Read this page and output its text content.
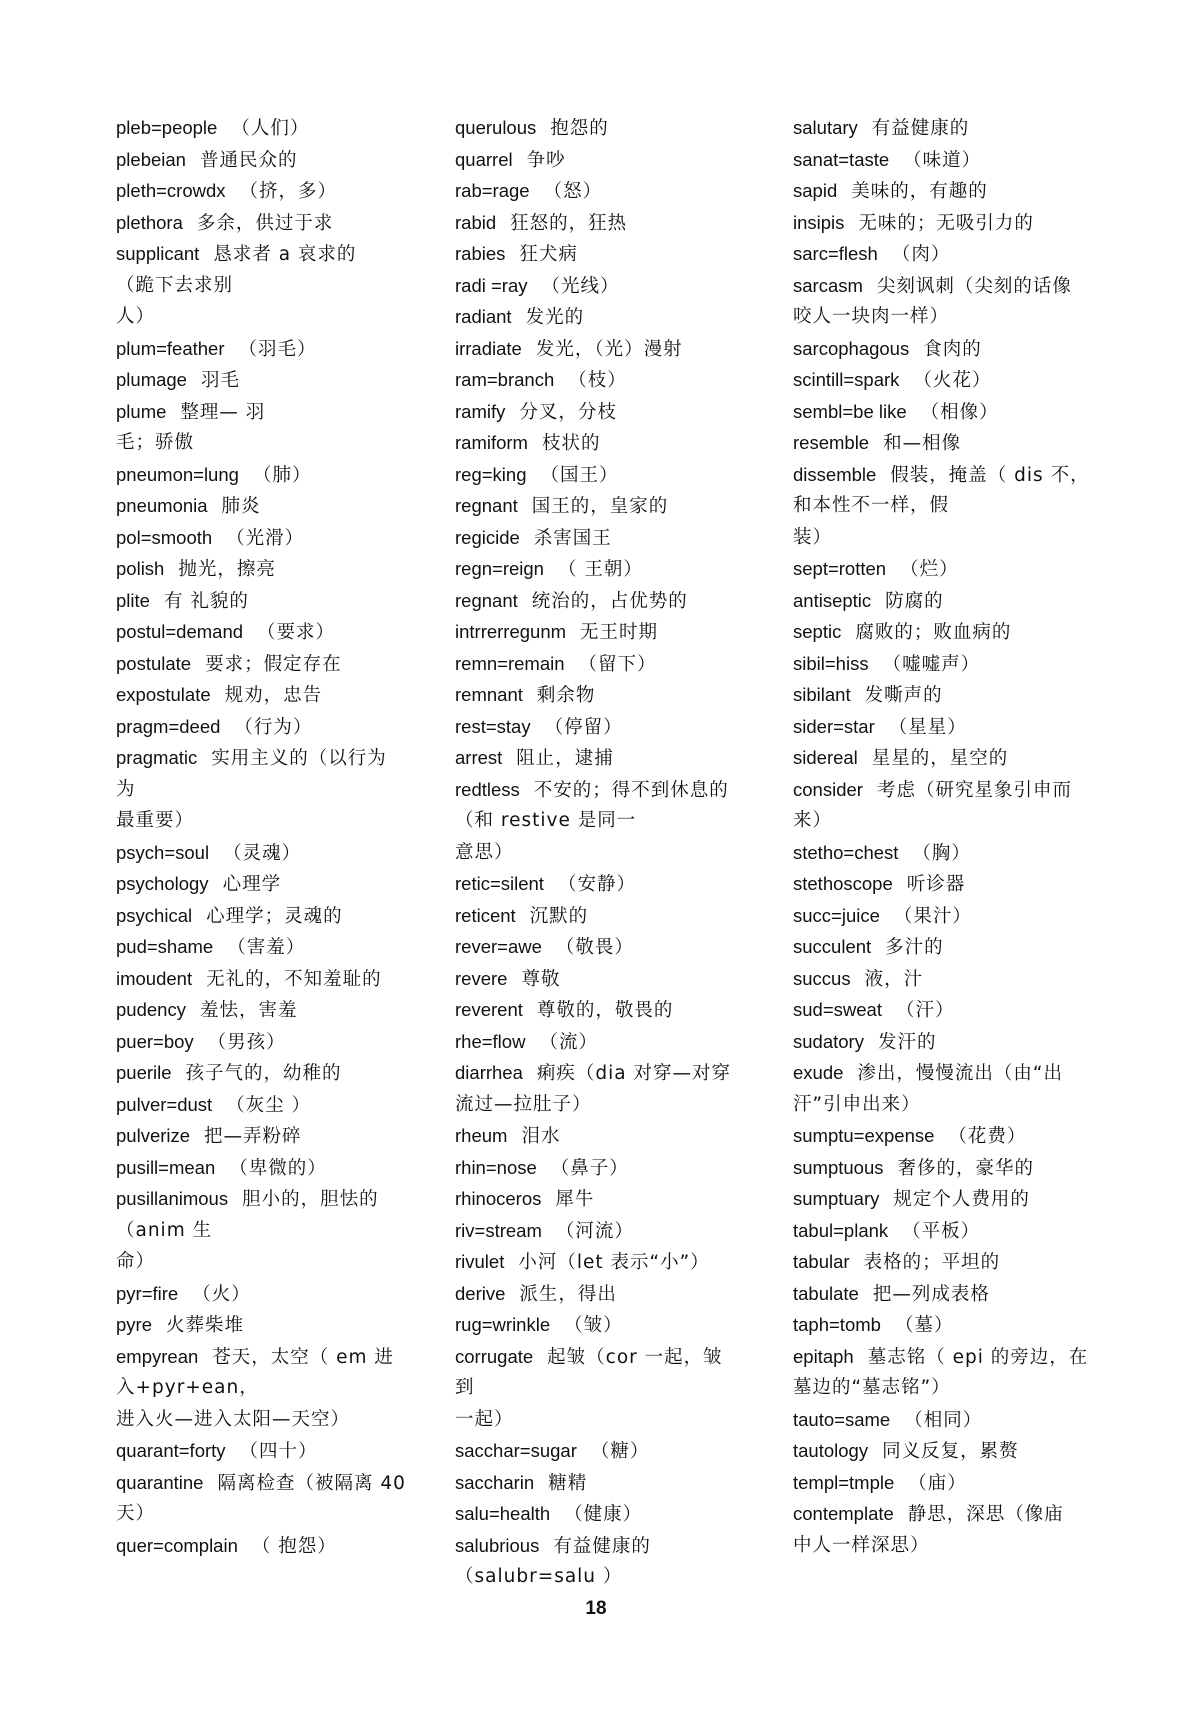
pleb=people （人们）
plebeian 普通民众的
pleth=crowdx （挤，多）
plethora 多余，供过于求
supplicant 恳求者 a 哀求的
（跪下去求别
人）
plum=feather （羽毛）
plumage 羽毛
plume 整理— 羽
毛；骄傲
pneumon=lung （肺）
pneumonia 肺炎
pol=smooth （光滑）
polish 抛光，擦亮
plite 有 礼貌的
postul=demand （要求）
postulate 要求；假定存在
expostulate 规劝，忠告
pragm=deed （行为）
pragmatic 实用主义的（以行为
为
最重要）
psych=soul （灵魂）
psychology 心理学
psychical 心理学；灵魂的
pud=shame （害羞）
imoudent 无礼的，不知羞耻的
pudency 羞怯，害羞
puer=boy （男孩）
puerile 孩子气的，幼稚的
pulver=dust （灰尘 ）
pulverize 把—弄粉碎
pusill=mean （卑微的）
pusillanimous 胆小的，胆怯的
（anim 生
命）
pyr=fire （火）
pyre 火葬柴堆
empyrean 苍天，太空（ em 进
入+pyr+ean，
进入火—进入太阳—天空）
quarant=forty （四十）
quarantine 隔离检查（被隔离 40
天）
quer=complain （ 抱怨）
querulous 抱怨的
quarrel 争吵
rab=rage （怒）
rabid 狂怒的，狂热
rabies 狂犬病
radi =ray （光线）
radiant 发光的
irradiate 发光，（光）漫射
ram=branch （枝）
ramify 分叉，分枝
ramiform 枝状的
reg=king （国王）
regnant 国王的，皇家的
regicide 杀害国王
regn=reign （ 王朝）
regnant 统治的，占优势的
intrrerregunm 无王时期
remn=remain （留下）
remnant 剩余物
rest=stay （停留）
arrest 阻止，逮捕
redtless 不安的；得不到休息的
（和 restive 是同一
意思）
retic=silent （安静）
reticent 沉默的
rever=awe （敬畏）
revere 尊敬
reverent 尊敬的，敬畏的
rhe=flow （流）
diarrhea 痢疾（dia 对穿—对穿
流过—拉肚子）
rheum 泪水
rhin=nose （鼻子）
rhinoceros 犀牛
riv=stream （河流）
rivulet 小河（let 表示“小”）
derive 派生，得出
rug=wrinkle （皱）
corrugate 起皱（cor 一起，皱
到
一起）
sacchar=sugar （糖）
saccharin 糖精
salu=health （健康）
salubrious 有益健康的
（salubr=salu ）
salutary 有益健康的
sanat=taste （味道）
sapid 美味的，有趣的
insipis 无味的；无吸引力的
sarc=flesh （肉）
sarcasm 尖刻讽刺（尖刻的话像
咬人一块肉一样）
sarcophagous 食肉的
scintill=spark （火花）
sembl=be like （相像）
resemble 和—相像
dissemble 假装，掩盖（ dis 不，
和本性不一样，假
装）
sept=rotten （烂）
antiseptic 防腐的
septic 腐败的；败血病的
sibil=hiss （嘘嘘声）
sibilant 发嘶声的
sider=star （星星）
sidereal 星星的，星空的
consider 考虑（研究星象引申而
来）
stetho=chest （胸）
stethoscope 听诊器
succ=juice （果汁）
succulent 多汁的
succus 液，汁
sud=sweat （汗）
sudatory 发汗的
exude 渗出，慢慢流出（由“出
汗”引申出来）
sumptu=expense （花费）
sumptuous 奢侈的，豪华的
sumptuary 规定个人费用的
tabul=plank （平板）
tabular 表格的；平坦的
tabulate 把—列成表格
taph=tomb （墓）
epitaph 墓志铭（ epi 的旁边，在
墓边的“墓志铭”）
tauto=same （相同）
tautology 同义反复，累赘
templ=tmple （庙）
contemplate 静思，深思（像庙
中人一样深思）
18
